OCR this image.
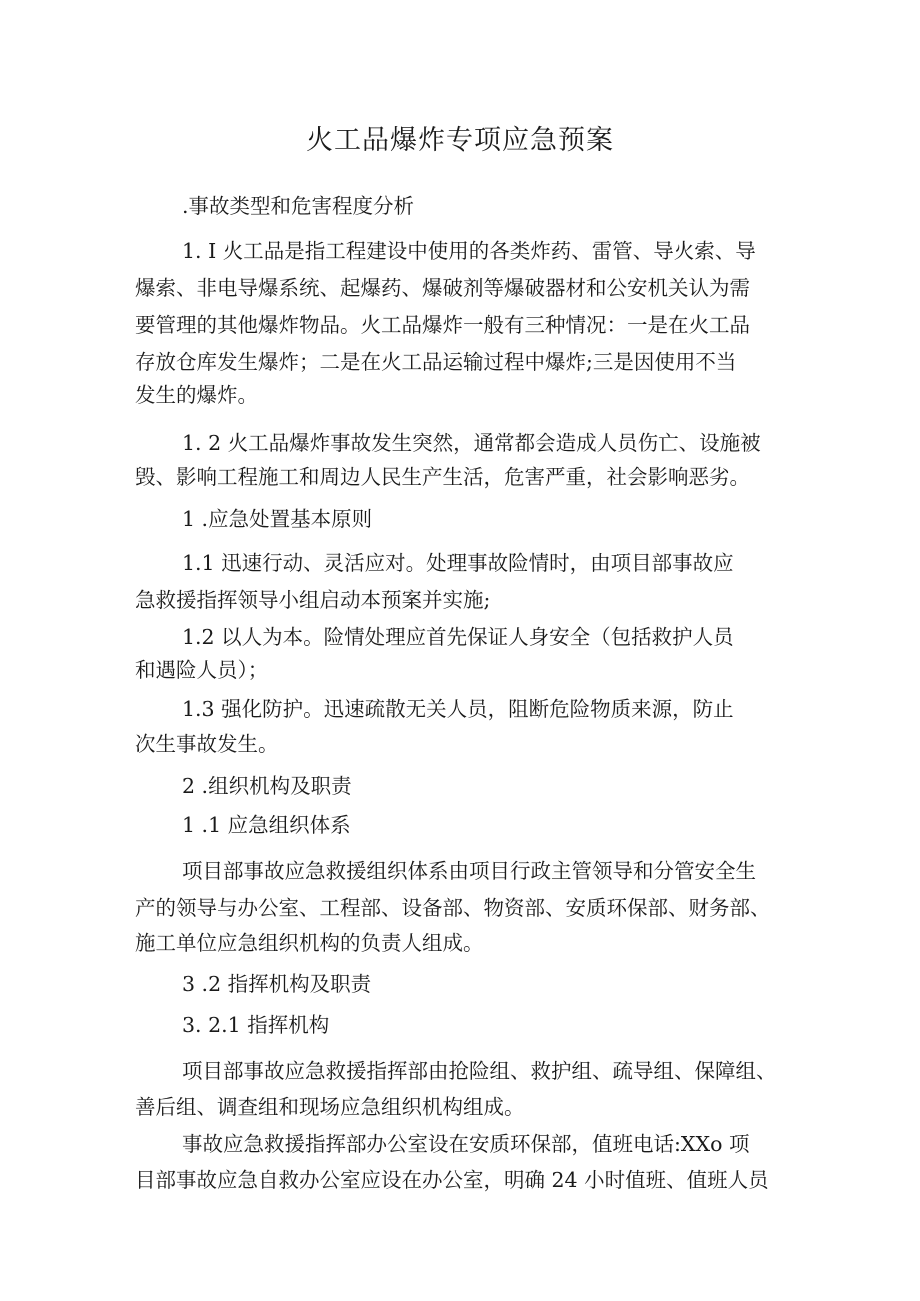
火工品爆炸专项应急预案
.事故类型和危害程度分析
1. I 火工品是指工程建设中使用的各类炸药、雷管、导火索、导
爆索、非电导爆系统、起爆药、爆破剂等爆破器材和公安机关认为需
要管理的其他爆炸物品。火工品爆炸一般有三种情况：一是在火工品
存放仓库发生爆炸；二是在火工品运输过程中爆炸;三是因使用不当
发生的爆炸。
1. 2 火工品爆炸事故发生突然，通常都会造成人员伤亡、设施被
毁、影响工程施工和周边人民生产生活，危害严重，社会影响恶劣。
1 .应急处置基本原则
1.1 迅速行动、灵活应对。处理事故险情时，由项目部事故应
急救援指挥领导小组启动本预案并实施;
1.2 以人为本。险情处理应首先保证人身安全（包括救护人员
和遇险人员）；
1.3 强化防护。迅速疏散无关人员，阻断危险物质来源，防止
次生事故发生。
2 .组织机构及职责
1 .1 应急组织体系
项目部事故应急救援组织体系由项目行政主管领导和分管安全生
产的领导与办公室、工程部、设备部、物资部、安质环保部、财务部、
施工单位应急组织机构的负责人组成。
3 .2 指挥机构及职责
3. 2.1 指挥机构
项目部事故应急救援指挥部由抢险组、救护组、疏导组、保障组、
善后组、调查组和现场应急组织机构组成。
事故应急救援指挥部办公室设在安质环保部，值班电话:XXo 项
目部事故应急自救办公室应设在办公室，明确 24 小时值班、值班人员
